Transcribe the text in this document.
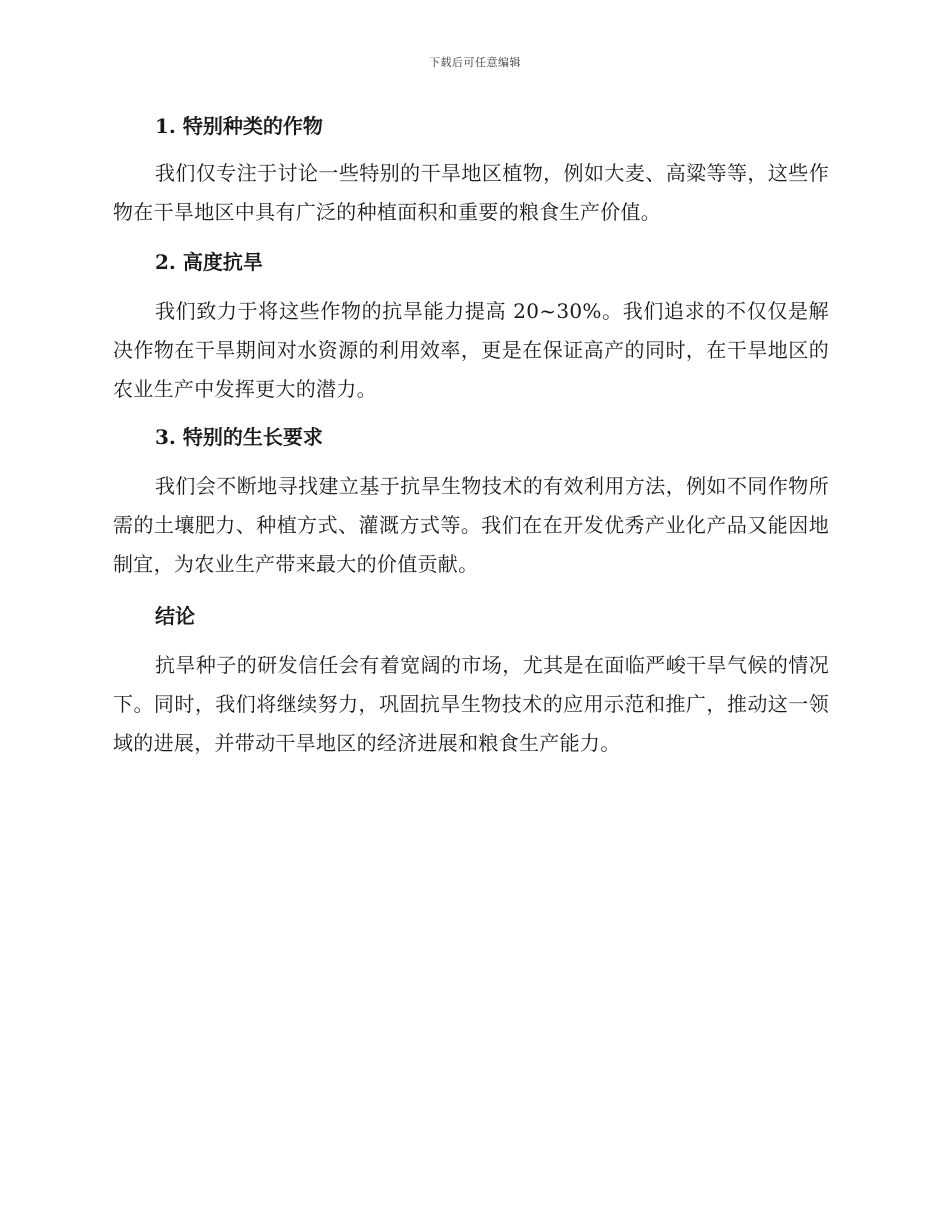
下载后可任意编辑
1. 特别种类的作物

我们仅专注于讨论一些特别的干旱地区植物，例如大麦、高粱等等，这些作物在干旱地区中具有广泛的种植面积和重要的粮食生产价值。

2. 高度抗旱

我们致力于将这些作物的抗旱能力提高 20~30%。我们追求的不仅仅是解决作物在干旱期间对水资源的利用效率，更是在保证高产的同时，在干旱地区的农业生产中发挥更大的潜力。

3. 特别的生长要求

我们会不断地寻找建立基于抗旱生物技术的有效利用方法，例如不同作物所需的土壤肥力、种植方式、灌溉方式等。我们在在开发优秀产业化产品又能因地制宜，为农业生产带来最大的价值贡献。

结论

抗旱种子的研发信任会有着宽阔的市场，尤其是在面临严峻干旱气候的情况下。同时，我们将继续努力，巩固抗旱生物技术的应用示范和推广，推动这一领域的进展，并带动干旱地区的经济进展和粮食生产能力。
